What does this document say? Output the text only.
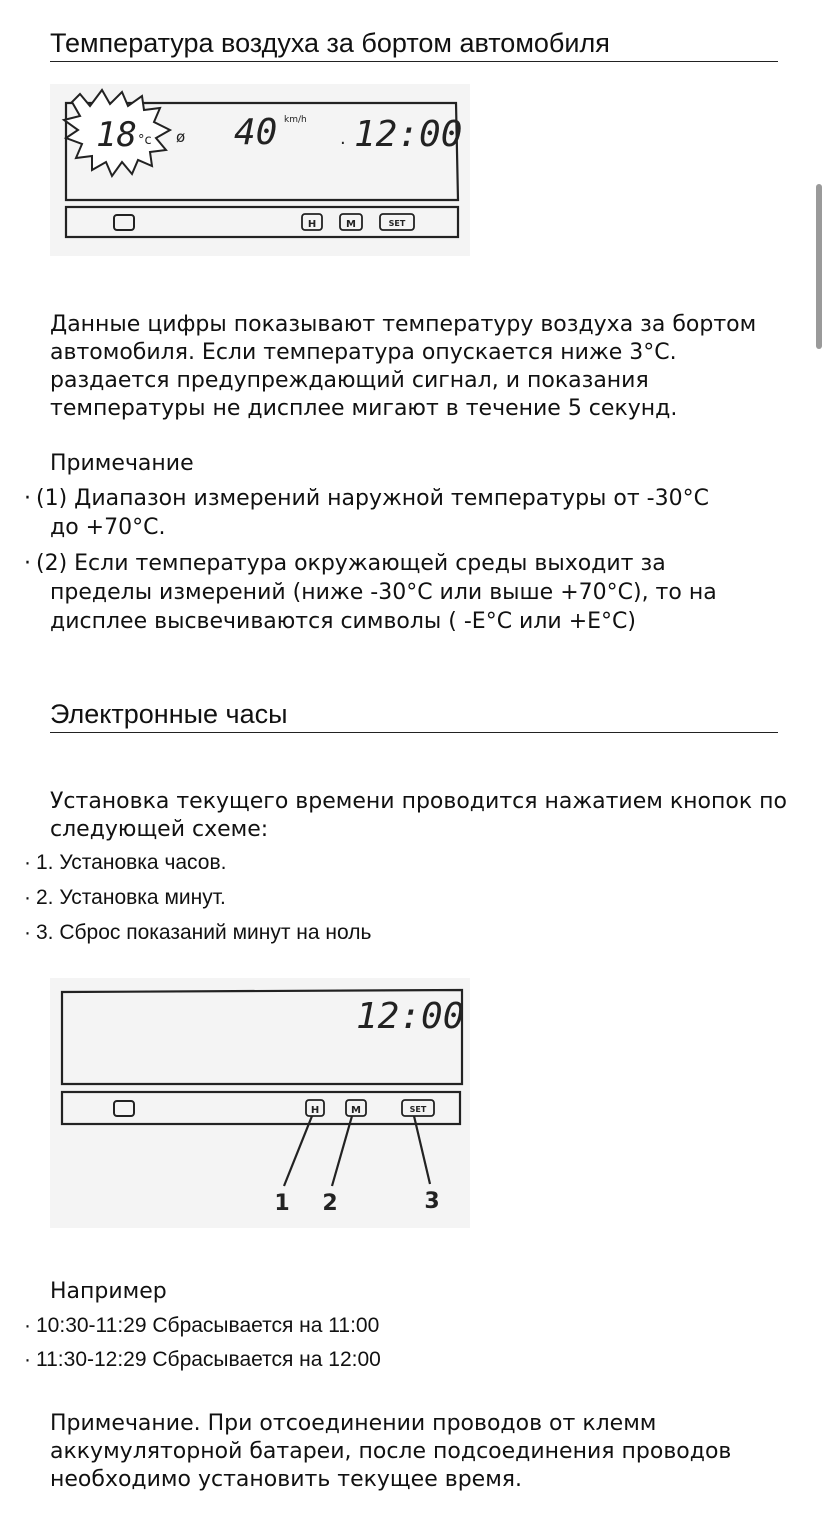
Температура воздуха за бортом автомобиля
18 °c ø 40 km/h
. 12:00
H	M	SET

Данные цифры показывают температуру воздуха за бортом автомобиля. Если температура опускается ниже 3°C. раздается предупреждающий сигнал, и показания температуры не дисплее мигают в течение 5 секунд.

Примечание
· (1) Диапазон измерений наружной температуры от -30°C
до +70°C.
· (2) Если температура окружающей среды выходит за
пределы измерений (ниже -30°C или выше +70°C), то на
дисплее высвечиваются символы ( -E°C или +E°C)
Электронные часы

Установка текущего времени проводится нажатием кнопок по следующей схеме:

· 1. Установка часов.
· 2. Установка минут.
· 3. Сброс показаний минут на ноль
12:00
H	M	SET
1 2	3
Например
· 10:30-11:29 Сбрасывается на 11:00
· 11:30-12:29 Сбрасывается на 12:00

Примечание. При отсоединении проводов от клемм аккумуляторной батареи, после подсоединения проводов необходимо установить текущее время.
